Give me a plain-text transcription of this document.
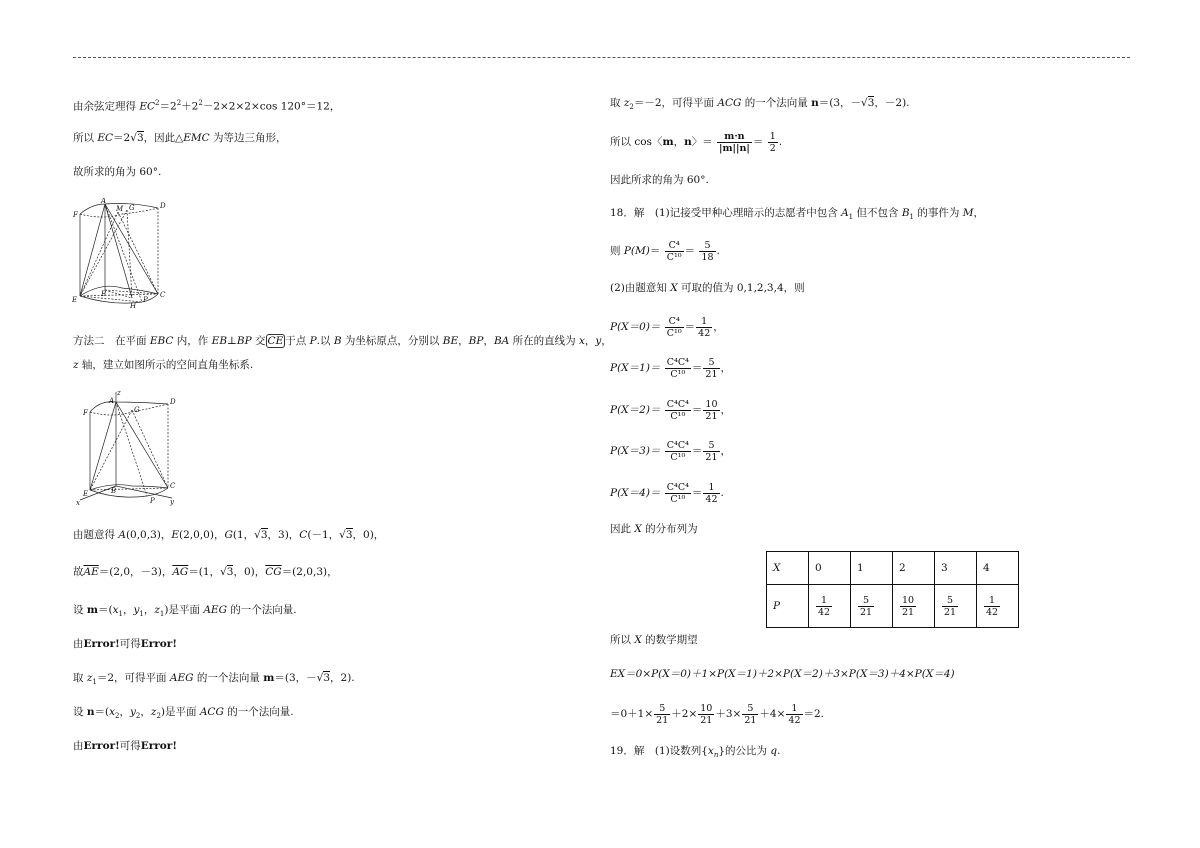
由余弦定理得 $EC^2=2^2+2^2-2\times 2\times 2\times\cos$ 120°＝12，
所以 EC＝2√3，因此△EMC 为等边三角形，
故所求的角为 60°.
F
A
M G	D
E
B
H
P
C
方法二　在平面 EBC 内，作 EB⊥BP 交 CE 于点 P.以 B 为坐标原点，分别以 BE，BP，BA 所在的直线为 x，y，
z 轴，建立如图所示的空间直角坐标系.
z
F
A
G
D
E	B
C
x	P y
由题意得 A(0,0,3)，E(2,0,0)，G(1，√3，3)，C(－1，√3，0)，
故$\overline{AE}=(2,0$，－3)，$\overline{AG}=(1$，√3，0)，$\overline{CG}=(2,0,3)$，
设 $m=(x_1$，$y_1$，$z_1$)是平面 AEG 的一个法向量.
由Error!可得Error!
取 $z_1=2$，可得平面 AEG 的一个法向量 m＝(3，－√3，2).
设 $n=(x_2$，$y_2$，$z_2$)是平面 ACG 的一个法向量.
由Error!可得Error!
取 $z_2=-2$，可得平面 ACG 的一个法向量 n＝(3，－√3，－2).
所以 cos〈m，n〉＝ $\frac{m\cdot n}{|m||n|} = \frac{1}{2}$ .
因此所求的角为 60°.
18．解　(1)记接受甲种心理暗示的志愿者中包含 $A_1$ 但不包含 $B_1$ 的事件为 M，
则 $P(M)= \frac{\text{C⁴}}{\text{C¹⁰}} = \frac{5}{18}$ .
(2)由题意知 X 可取的值为 0,1,2,3,4，则
$P(X=0)= \frac{\text{C⁴}}{\text{C¹⁰}} = \frac{1}{42}$ ，
$P(X=1)= \frac{\text{C⁴C⁴}}{\text{C¹⁰}} = \frac{5}{21}$ ，
$P(X=2)= \frac{\text{C⁴C⁴}}{\text{C¹⁰}} = \frac{10}{21}$ ，
$P(X=3)= \frac{\text{C⁴C⁴}}{\text{C¹⁰}} = \frac{5}{21}$ ，
$P(X=4)= \frac{\text{C⁴C⁴}}{\text{C¹⁰}} = \frac{1}{42}$ .
因此 X 的分布列为
X	0	1	2	3	4
P	$\frac{1}{42}$	$\frac{5}{21}$	$\frac{10}{21}$	$\frac{5}{21}$	$\frac{1}{42}$
所以 X 的数学期望
EX＝0×P(X＝0)＋1×P(X＝1)＋2×P(X＝2)＋3×P(X＝3)＋4×P(X＝4)
$=0+1\times \frac{5}{21} +2\times \frac{10}{21} +3\times \frac{5}{21} +4\times \frac{1}{42} =2$.
19．解　(1)设数列$\{x_n\}$的公比为 q.
